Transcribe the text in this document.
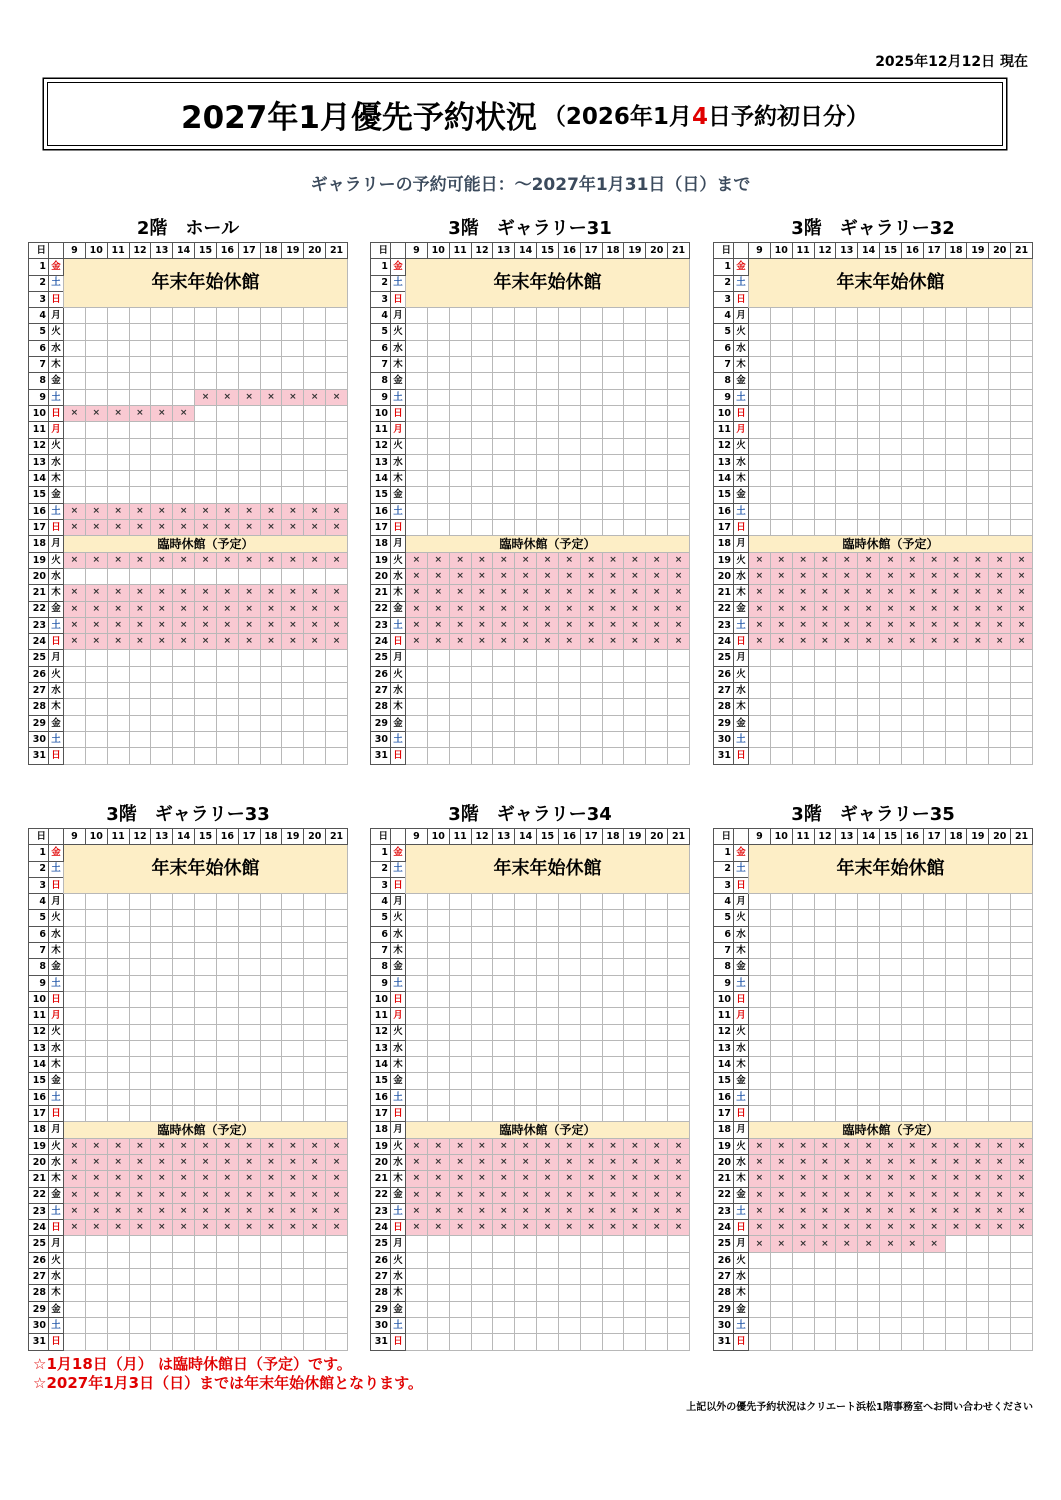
2025年12月12日 現在
2027年1月優先予約状況 （2026年1月4日予約初日分）
ギャラリーの予約可能日：～2027年1月31日（日）まで
2階　ホール
日		9	10	11	12	13	14	15	16	17	18	19	20	21
1	金	年末年始休館												
2	土													
3	日													
4	月													
5	火													
6	水													
7	木													
8	金													
9	土							×	×	×	×	×	×	×
10	日	×	×	×	×	×	×							
11	月													
12	火													
13	水													
14	木													
15	金													
16	土	×	×	×	×	×	×	×	×	×	×	×	×	×
17	日	×	×	×	×	×	×	×	×	×	×	×	×	×
18	月	臨時休館（予定）												
19	火	×	×	×	×	×	×	×	×	×	×	×	×	×
20	水													
21	木	×	×	×	×	×	×	×	×	×	×	×	×	×
22	金	×	×	×	×	×	×	×	×	×	×	×	×	×
23	土	×	×	×	×	×	×	×	×	×	×	×	×	×
24	日	×	×	×	×	×	×	×	×	×	×	×	×	×
25	月													
26	火													
27	水													
28	木													
29	金													
30	土													
31	日													
3階　ギャラリー31
日		9	10	11	12	13	14	15	16	17	18	19	20	21
1	金	年末年始休館												
2	土													
3	日													
4	月													
5	火													
6	水													
7	木													
8	金													
9	土													
10	日													
11	月													
12	火													
13	水													
14	木													
15	金													
16	土													
17	日													
18	月	臨時休館（予定）												
19	火	×	×	×	×	×	×	×	×	×	×	×	×	×
20	水	×	×	×	×	×	×	×	×	×	×	×	×	×
21	木	×	×	×	×	×	×	×	×	×	×	×	×	×
22	金	×	×	×	×	×	×	×	×	×	×	×	×	×
23	土	×	×	×	×	×	×	×	×	×	×	×	×	×
24	日	×	×	×	×	×	×	×	×	×	×	×	×	×
25	月													
26	火													
27	水													
28	木													
29	金													
30	土													
31	日													
3階　ギャラリー32
日		9	10	11	12	13	14	15	16	17	18	19	20	21
1	金	年末年始休館												
2	土													
3	日													
4	月													
5	火													
6	水													
7	木													
8	金													
9	土													
10	日													
11	月													
12	火													
13	水													
14	木													
15	金													
16	土													
17	日													
18	月	臨時休館（予定）												
19	火	×	×	×	×	×	×	×	×	×	×	×	×	×
20	水	×	×	×	×	×	×	×	×	×	×	×	×	×
21	木	×	×	×	×	×	×	×	×	×	×	×	×	×
22	金	×	×	×	×	×	×	×	×	×	×	×	×	×
23	土	×	×	×	×	×	×	×	×	×	×	×	×	×
24	日	×	×	×	×	×	×	×	×	×	×	×	×	×
25	月													
26	火													
27	水													
28	木													
29	金													
30	土													
31	日													
3階　ギャラリー33
日		9	10	11	12	13	14	15	16	17	18	19	20	21
1	金	年末年始休館												
2	土													
3	日													
4	月													
5	火													
6	水													
7	木													
8	金													
9	土													
10	日													
11	月													
12	火													
13	水													
14	木													
15	金													
16	土													
17	日													
18	月	臨時休館（予定）												
19	火	×	×	×	×	×	×	×	×	×	×	×	×	×
20	水	×	×	×	×	×	×	×	×	×	×	×	×	×
21	木	×	×	×	×	×	×	×	×	×	×	×	×	×
22	金	×	×	×	×	×	×	×	×	×	×	×	×	×
23	土	×	×	×	×	×	×	×	×	×	×	×	×	×
24	日	×	×	×	×	×	×	×	×	×	×	×	×	×
25	月													
26	火													
27	水													
28	木													
29	金													
30	土													
31	日													
3階　ギャラリー34
日		9	10	11	12	13	14	15	16	17	18	19	20	21
1	金	年末年始休館												
2	土													
3	日													
4	月													
5	火													
6	水													
7	木													
8	金													
9	土													
10	日													
11	月													
12	火													
13	水													
14	木													
15	金													
16	土													
17	日													
18	月	臨時休館（予定）												
19	火	×	×	×	×	×	×	×	×	×	×	×	×	×
20	水	×	×	×	×	×	×	×	×	×	×	×	×	×
21	木	×	×	×	×	×	×	×	×	×	×	×	×	×
22	金	×	×	×	×	×	×	×	×	×	×	×	×	×
23	土	×	×	×	×	×	×	×	×	×	×	×	×	×
24	日	×	×	×	×	×	×	×	×	×	×	×	×	×
25	月													
26	火													
27	水													
28	木													
29	金													
30	土													
31	日													
3階　ギャラリー35
日		9	10	11	12	13	14	15	16	17	18	19	20	21
1	金	年末年始休館												
2	土													
3	日													
4	月													
5	火													
6	水													
7	木													
8	金													
9	土													
10	日													
11	月													
12	火													
13	水													
14	木													
15	金													
16	土													
17	日													
18	月	臨時休館（予定）												
19	火	×	×	×	×	×	×	×	×	×	×	×	×	×
20	水	×	×	×	×	×	×	×	×	×	×	×	×	×
21	木	×	×	×	×	×	×	×	×	×	×	×	×	×
22	金	×	×	×	×	×	×	×	×	×	×	×	×	×
23	土	×	×	×	×	×	×	×	×	×	×	×	×	×
24	日	×	×	×	×	×	×	×	×	×	×	×	×	×
25	月	×	×	×	×	×	×	×	×	×				
26	火													
27	水													
28	木													
29	金													
30	土													
31	日													
☆1月18日（月） は臨時休館日（予定）です。
☆2027年1月3日（日）までは年末年始休館となります。
上記以外の優先予約状況はクリエート浜松1階事務室へお問い合わせください
